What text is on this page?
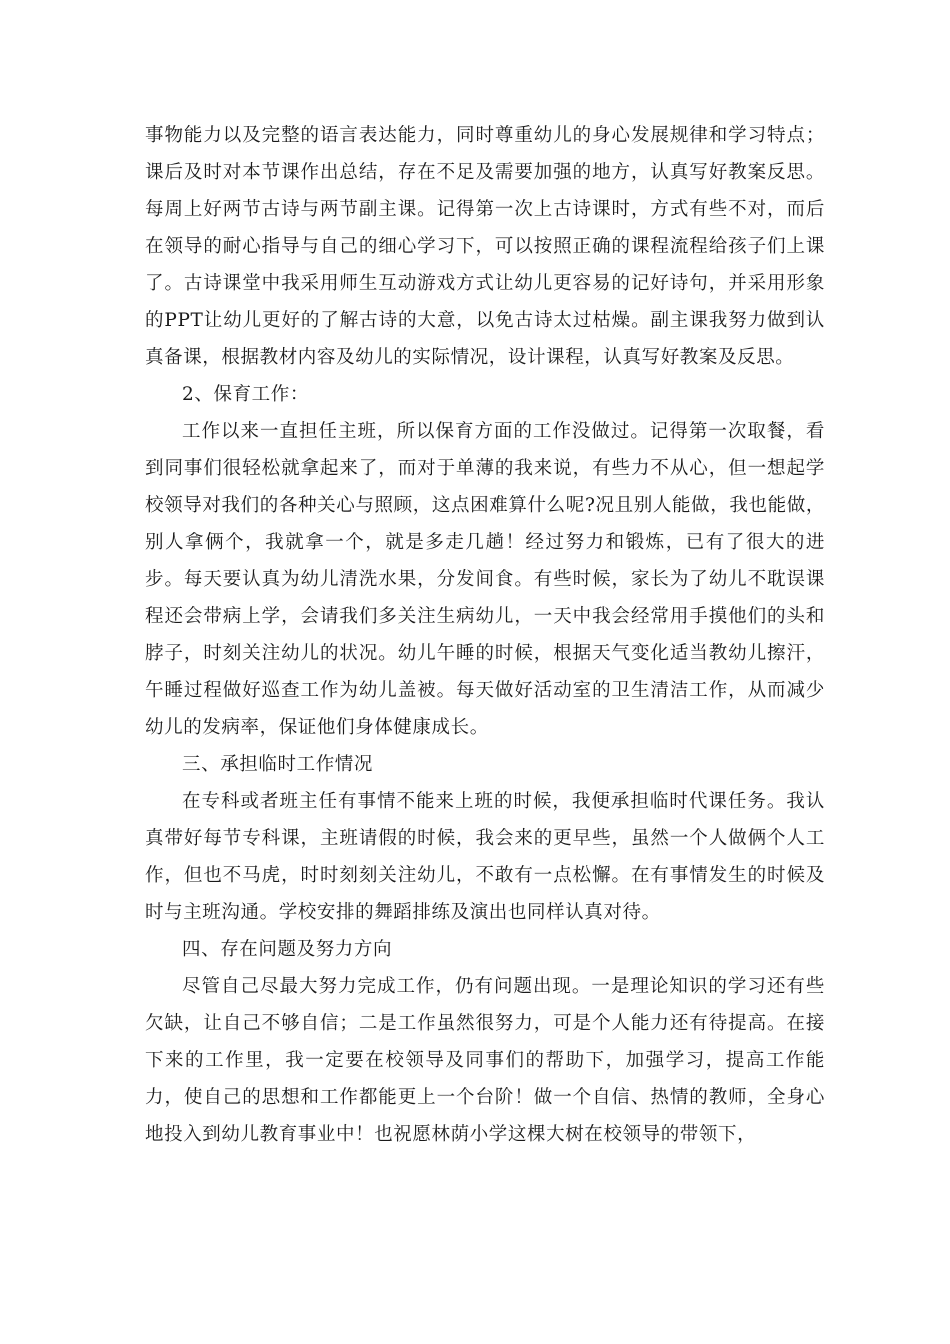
事物能力以及完整的语言表达能力，同时尊重幼儿的身心发展规律和学习特点；课后及时对本节课作出总结，存在不足及需要加强的地方，认真写好教案反思。每周上好两节古诗与两节副主课。记得第一次上古诗课时，方式有些不对，而后在领导的耐心指导与自己的细心学习下，可以按照正确的课程流程给孩子们上课了。古诗课堂中我采用师生互动游戏方式让幼儿更容易的记好诗句，并采用形象的PPT让幼儿更好的了解古诗的大意，以免古诗太过枯燥。副主课我努力做到认真备课，根据教材内容及幼儿的实际情况，设计课程，认真写好教案及反思。

2、保育工作：

工作以来一直担任主班，所以保育方面的工作没做过。记得第一次取餐，看到同事们很轻松就拿起来了，而对于单薄的我来说，有些力不从心，但一想起学校领导对我们的各种关心与照顾，这点困难算什么呢?况且别人能做，我也能做，别人拿俩个，我就拿一个，就是多走几趟！经过努力和锻炼，已有了很大的进步。每天要认真为幼儿清洗水果，分发间食。有些时候，家长为了幼儿不耽误课程还会带病上学，会请我们多关注生病幼儿，一天中我会经常用手摸他们的头和脖子，时刻关注幼儿的状况。幼儿午睡的时候，根据天气变化适当教幼儿擦汗，午睡过程做好巡查工作为幼儿盖被。每天做好活动室的卫生清洁工作，从而减少幼儿的发病率，保证他们身体健康成长。

三、承担临时工作情况

在专科或者班主任有事情不能来上班的时候，我便承担临时代课任务。我认真带好每节专科课，主班请假的时候，我会来的更早些，虽然一个人做俩个人工作，但也不马虎，时时刻刻关注幼儿，不敢有一点松懈。在有事情发生的时候及时与主班沟通。学校安排的舞蹈排练及演出也同样认真对待。

四、存在问题及努力方向

尽管自己尽最大努力完成工作，仍有问题出现。一是理论知识的学习还有些欠缺，让自己不够自信；二是工作虽然很努力，可是个人能力还有待提高。在接下来的工作里，我一定要在校领导及同事们的帮助下，加强学习，提高工作能力，使自己的思想和工作都能更上一个台阶！做一个自信、热情的教师，全身心地投入到幼儿教育事业中！也祝愿林荫小学这棵大树在校领导的带领下，
